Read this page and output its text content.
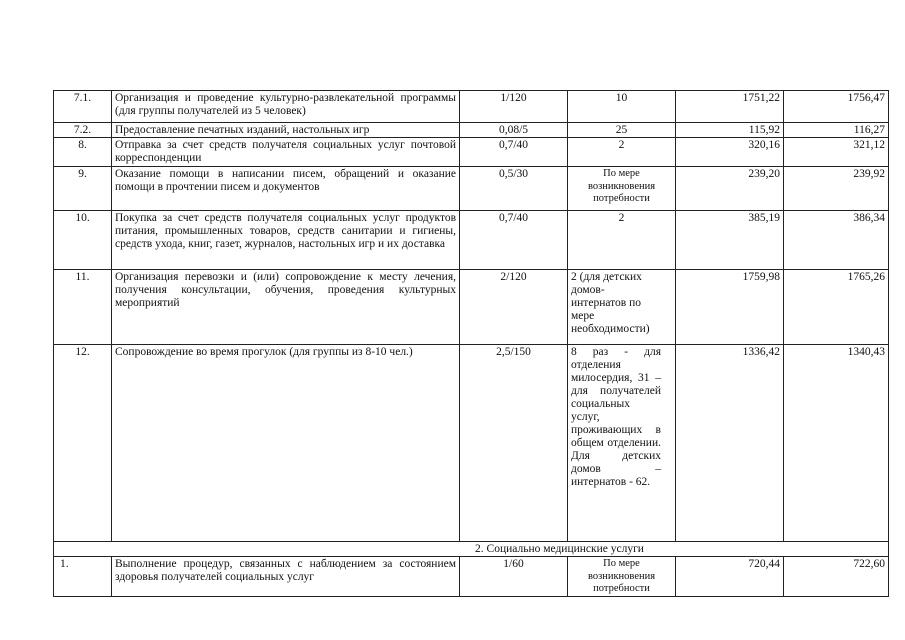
7.1.	Организация и проведение культурно-развлекательной программы (для группы получателей из 5 человек)	1/120	10	1751,22	1756,47
7.2.	Предоставление печатных изданий, настольных игр	0,08/5	25	115,92	116,27
8.	Отправка за счет средств получателя социальных услуг почтовой корреспонденции	0,7/40	2	320,16	321,12
9.	Оказание помощи в написании писем, обращений и оказание помощи в прочтении писем и документов	0,5/30	По мере возникновения потребности	239,20	239,92
10.	Покупка за счет средств получателя социальных услуг продуктов питания, промышленных товаров, средств санитарии и гигиены, средств ухода, книг, газет, журналов, настольных игр и их доставка	0,7/40	2	385,19	386,34
11.	Организация перевозки и (или) сопровождение к месту лечения, получения консультации, обучения, проведения культурных мероприятий	2/120	2 (для детских домов-интернатов по мере необходимости)	1759,98	1765,26
12.	Сопровождение во время прогулок (для группы из 8-10 чел.)	2,5/150	8 раз - для отделения милосердия, 31 – для получателей социальных услуг, проживающих в общем отделении. Для детских домов – интернатов - 62.	1336,42	1340,43
2. Социально медицинские услуги					
1.	Выполнение процедур, связанных с наблюдением за состоянием здоровья получателей социальных услуг	1/60	По мере возникновения потребности	720,44	722,60
